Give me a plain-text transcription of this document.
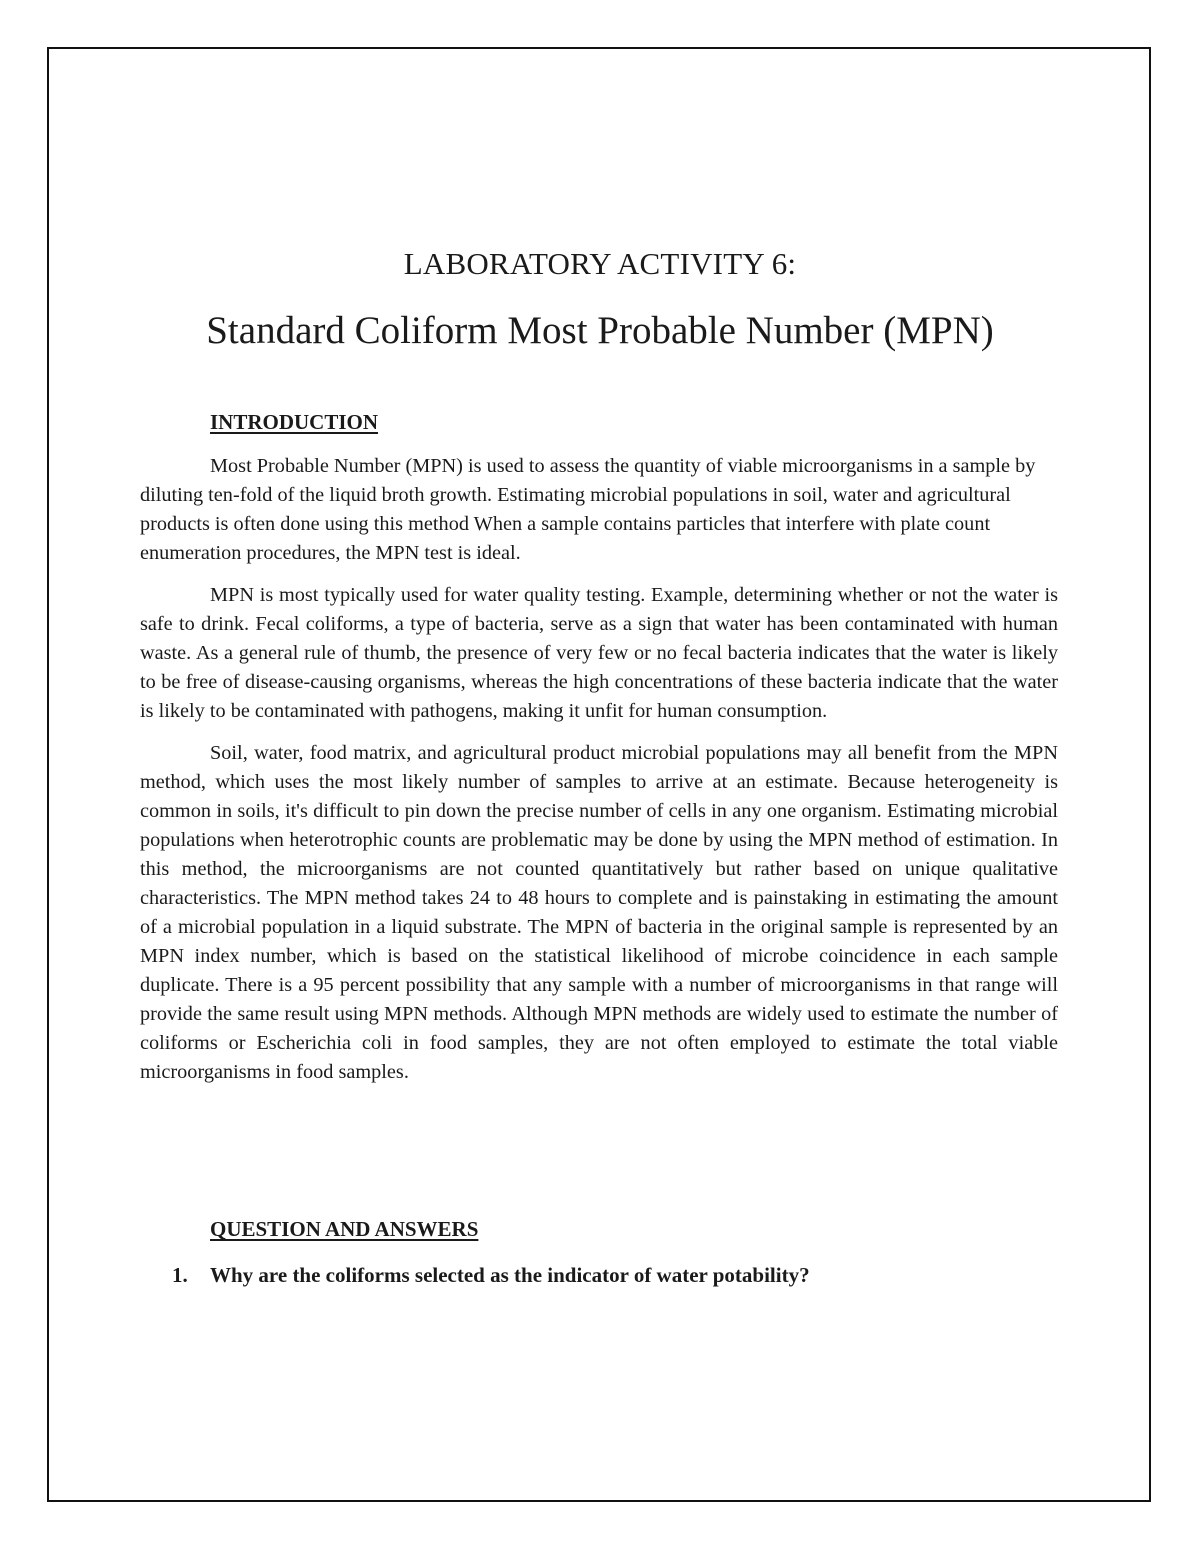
LABORATORY ACTIVITY 6:
Standard Coliform Most Probable Number (MPN)
INTRODUCTION

Most Probable Number (MPN) is used to assess the quantity of viable microorganisms in a sample by diluting ten-fold of the liquid broth growth. Estimating microbial populations in soil, water and agricultural products is often done using this method When a sample contains particles that interfere with plate count enumeration procedures, the MPN test is ideal.

MPN is most typically used for water quality testing. Example, determining whether or not the water is safe to drink. Fecal coliforms, a type of bacteria, serve as a sign that water has been contaminated with human waste. As a general rule of thumb, the presence of very few or no fecal bacteria indicates that the water is likely to be free of disease-causing organisms, whereas the high concentrations of these bacteria indicate that the water is likely to be contaminated with pathogens, making it unfit for human consumption.

Soil, water, food matrix, and agricultural product microbial populations may all benefit from the MPN method, which uses the most likely number of samples to arrive at an estimate. Because heterogeneity is common in soils, it's difficult to pin down the precise number of cells in any one organism. Estimating microbial populations when heterotrophic counts are problematic may be done by using the MPN method of estimation. In this method, the microorganisms are not counted quantitatively but rather based on unique qualitative characteristics. The MPN method takes 24 to 48 hours to complete and is painstaking in estimating the amount of a microbial population in a liquid substrate. The MPN of bacteria in the original sample is represented by an MPN index number, which is based on the statistical likelihood of microbe coincidence in each sample duplicate. There is a 95 percent possibility that any sample with a number of microorganisms in that range will provide the same result using MPN methods. Although MPN methods are widely used to estimate the number of coliforms or Escherichia coli in food samples, they are not often employed to estimate the total viable microorganisms in food samples.

QUESTION AND ANSWERS
1.	Why are the coliforms selected as the indicator of water potability?
